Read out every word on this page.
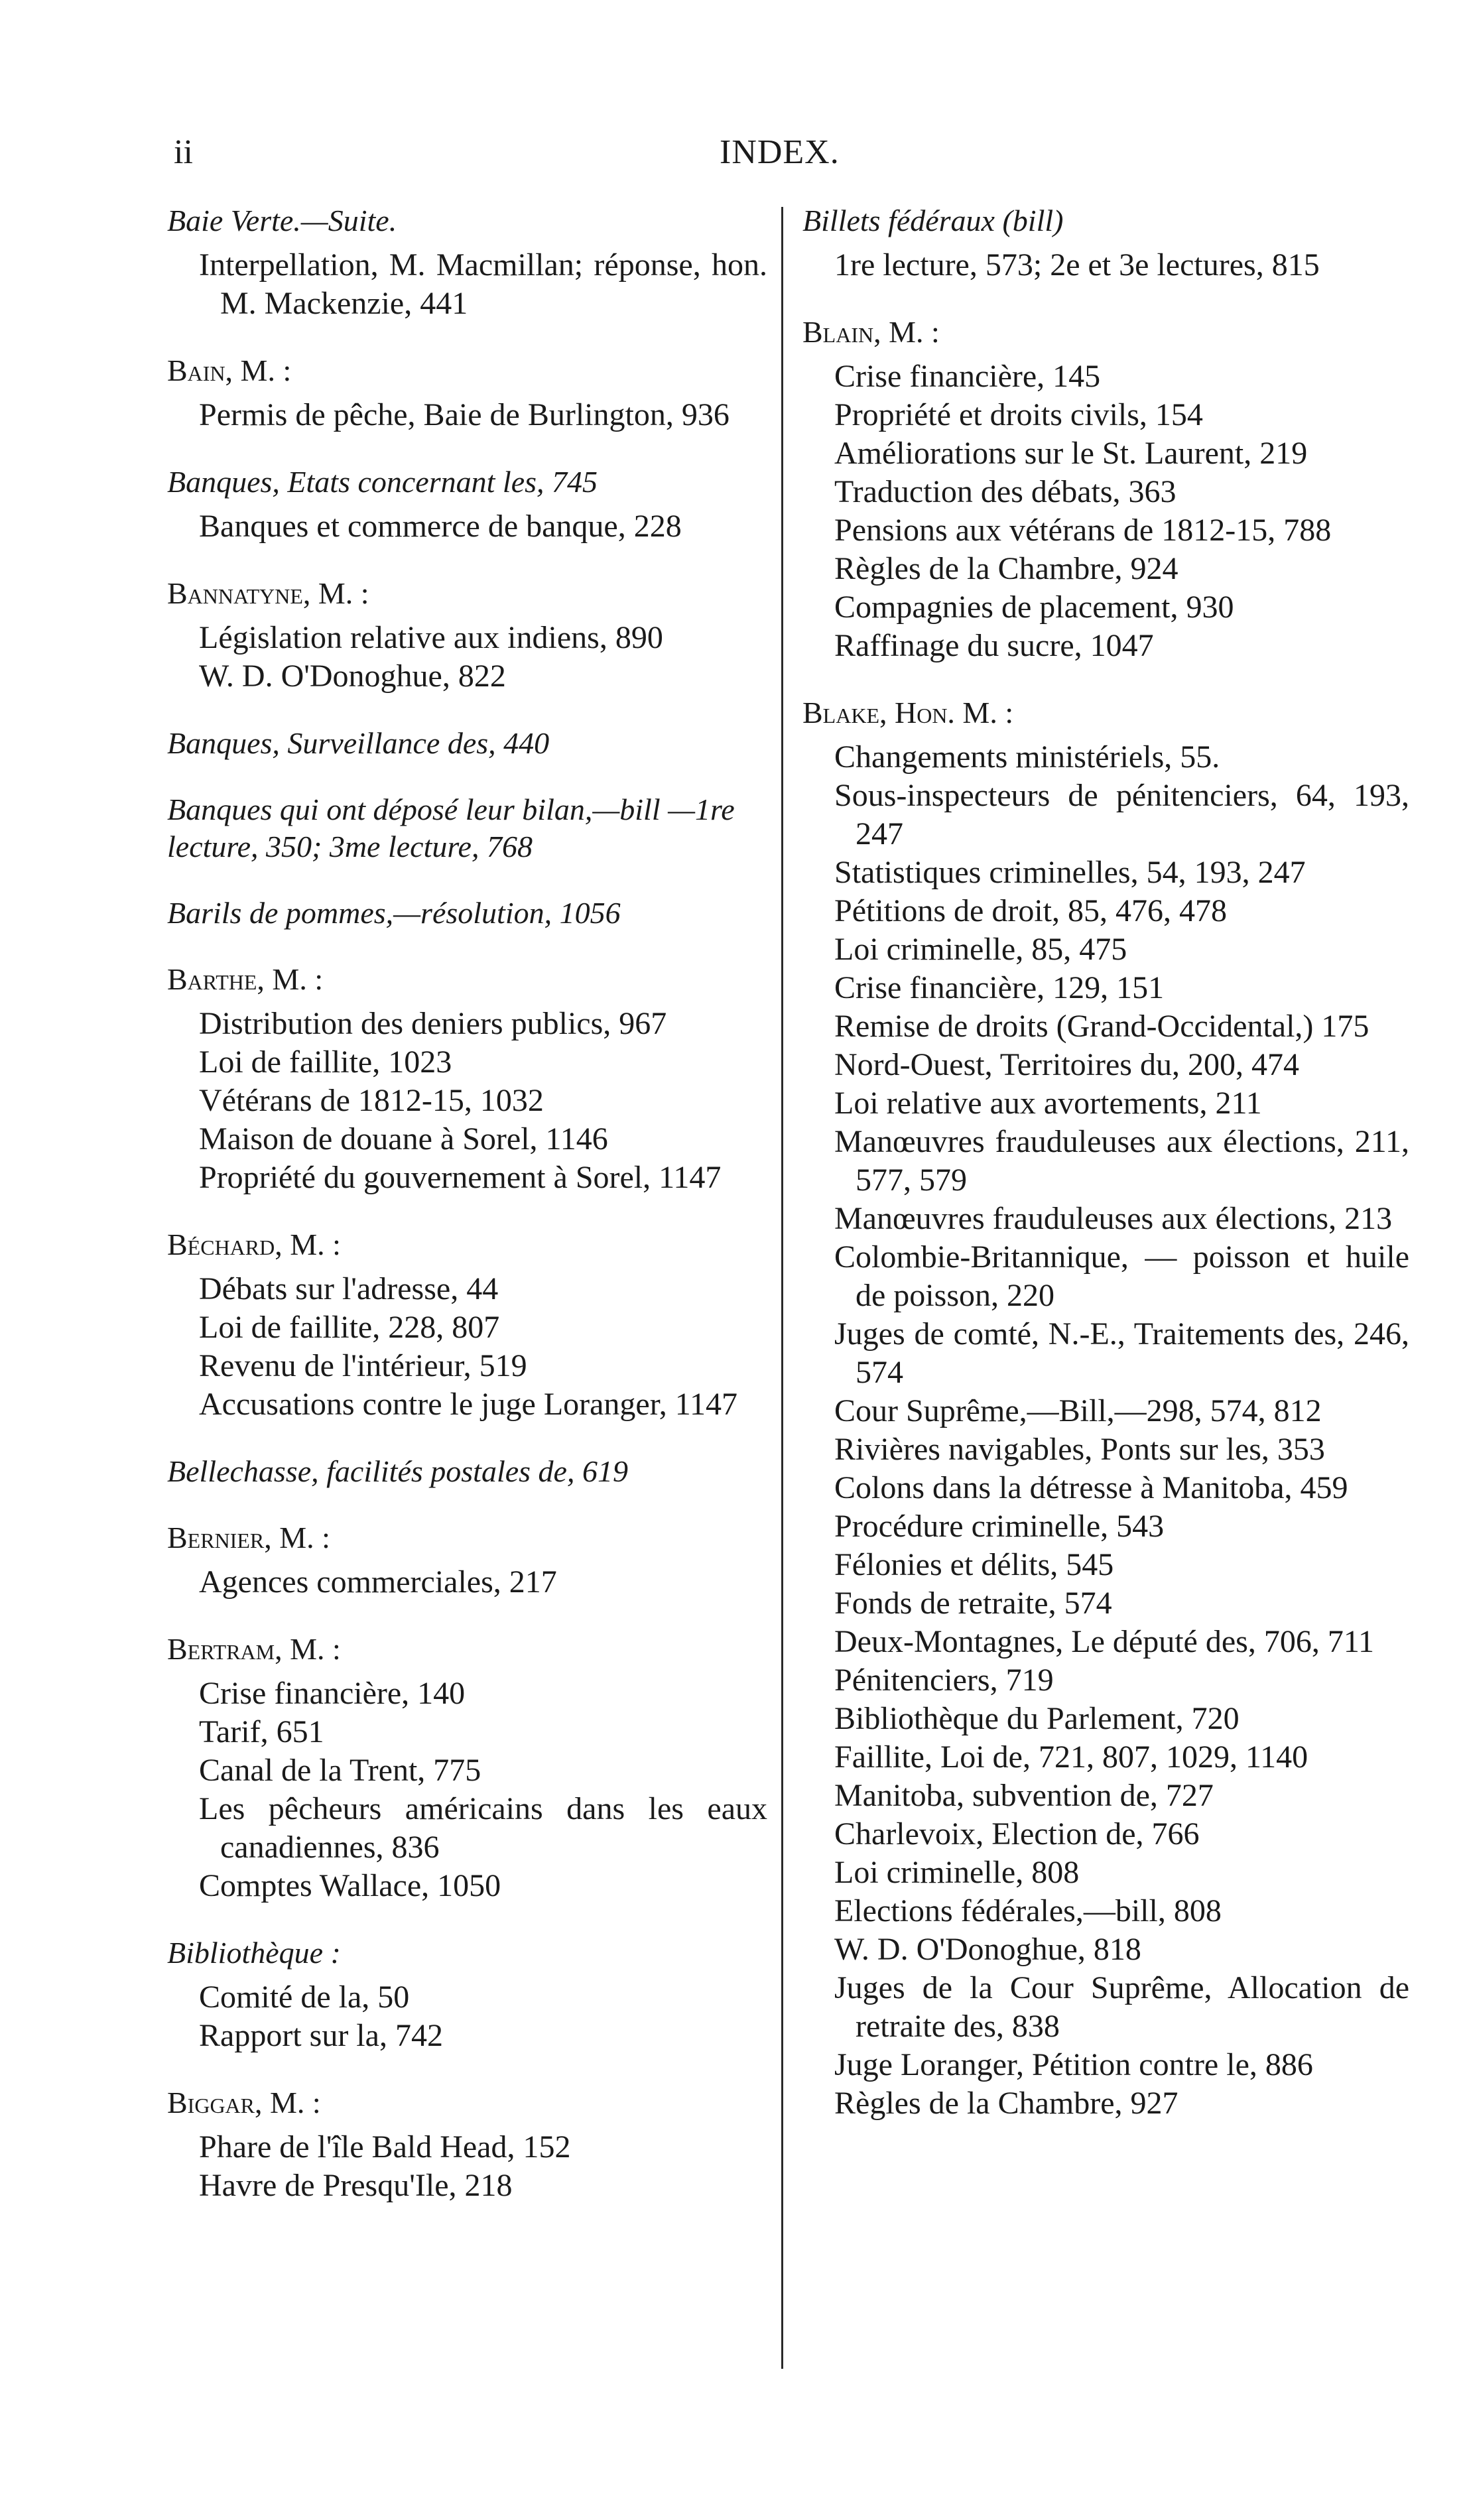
ii	INDEX.

Baie Verte.—Suite.

Interpellation, M. Macmillan; réponse, hon. M. Mackenzie, 441

Bain, M. :

Permis de pêche, Baie de Burlington, 936

Banques, Etats concernant les, 745

Banques et commerce de banque, 228

Bannatyne, M. :

Législation relative aux indiens, 890
W. D. O'Donoghue, 822

Banques, Surveillance des, 440

Banques qui ont déposé leur bilan,—bill —1re lecture, 350; 3me lecture, 768

Barils de pommes,—résolution, 1056

Barthe, M. :

Distribution des deniers publics, 967
Loi de faillite, 1023
Vétérans de 1812-15, 1032
Maison de douane à Sorel, 1146
Propriété du gouvernement à Sorel, 1147

Béchard, M. :

Débats sur l'adresse, 44
Loi de faillite, 228, 807
Revenu de l'intérieur, 519
Accusations contre le juge Loranger, 1147

Bellechasse, facilités postales de, 619

Bernier, M. :

Agences commerciales, 217

Bertram, M. :

Crise financière, 140
Tarif, 651
Canal de la Trent, 775
Les pêcheurs américains dans les eaux canadiennes, 836
Comptes Wallace, 1050

Bibliothèque :

Comité de la, 50
Rapport sur la, 742

Biggar, M. :

Phare de l'île Bald Head, 152
Havre de Presqu'Ile, 218

Billets fédéraux (bill)

1re lecture, 573; 2e et 3e lectures, 815

Blain, M. :

Crise financière, 145
Propriété et droits civils, 154
Améliorations sur le St. Laurent, 219
Traduction des débats, 363
Pensions aux vétérans de 1812-15, 788
Règles de la Chambre, 924
Compagnies de placement, 930
Raffinage du sucre, 1047

Blake, Hon. M. :

Changements ministériels, 55.
Sous-inspecteurs de pénitenciers, 64, 193, 247
Statistiques criminelles, 54, 193, 247
Pétitions de droit, 85, 476, 478
Loi criminelle, 85, 475
Crise financière, 129, 151
Remise de droits (Grand-Occidental,) 175
Nord-Ouest, Territoires du, 200, 474
Loi relative aux avortements, 211
Manœuvres frauduleuses aux élections, 211, 577, 579
Manœuvres frauduleuses aux élections, 213
Colombie-Britannique, — poisson et huile de poisson, 220
Juges de comté, N.-E., Traitements des, 246, 574
Cour Suprême,—Bill,—298, 574, 812
Rivières navigables, Ponts sur les, 353
Colons dans la détresse à Manitoba, 459
Procédure criminelle, 543
Félonies et délits, 545
Fonds de retraite, 574
Deux-Montagnes, Le député des, 706, 711
Pénitenciers, 719
Bibliothèque du Parlement, 720
Faillite, Loi de, 721, 807, 1029, 1140
Manitoba, subvention de, 727
Charlevoix, Election de, 766
Loi criminelle, 808
Elections fédérales,—bill, 808
W. D. O'Donoghue, 818
Juges de la Cour Suprême, Allocation de retraite des, 838
Juge Loranger, Pétition contre le, 886
Règles de la Chambre, 927
